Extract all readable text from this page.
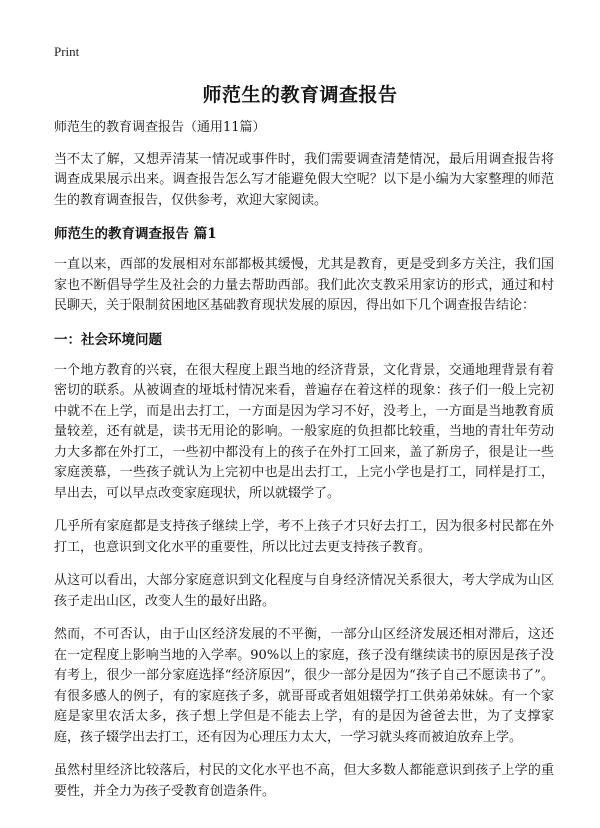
Print
师范生的教育调查报告

师范生的教育调查报告（通用11篇）

当不太了解，又想弄清某一情况或事件时，我们需要调查清楚情况，最后用调查报告将调查成果展示出来。调查报告怎么写才能避免假大空呢？以下是小编为大家整理的师范生的教育调查报告，仅供参考，欢迎大家阅读。

师范生的教育调查报告 篇1

一直以来，西部的发展相对东部都极其缓慢，尤其是教育，更是受到多方关注，我们国家也不断倡导学生及社会的力量去帮助西部。我们此次支教采用家访的形式，通过和村民聊天，关于限制贫困地区基础教育现状发展的原因，得出如下几个调查报告结论：

一：社会环境问题

一个地方教育的兴衰，在很大程度上跟当地的经济背景，文化背景，交通地理背景有着密切的联系。从被调查的垭坻村情况来看，普遍存在着这样的现象：孩子们一般上完初中就不在上学，而是出去打工，一方面是因为学习不好，没考上，一方面是当地教育质量较差，还有就是，读书无用论的影响。一般家庭的负担都比较重，当地的青壮年劳动力大多都在外打工，一些初中都没有上的孩子在外打工回来，盖了新房子，很是让一些家庭羡慕，一些孩子就认为上完初中也是出去打工，上完小学也是打工，同样是打工，早出去，可以早点改变家庭现状，所以就辍学了。

几乎所有家庭都是支持孩子继续上学，考不上孩子才只好去打工，因为很多村民都在外打工，也意识到文化水平的重要性，所以比过去更支持孩子教育。

从这可以看出，大部分家庭意识到文化程度与自身经济情况关系很大，考大学成为山区孩子走出山区，改变人生的最好出路。

然而，不可否认，由于山区经济发展的不平衡，一部分山区经济发展还相对滞后，这还在一定程度上影响当地的入学率。90%以上的家庭，孩子没有继续读书的原因是孩子没有考上，很少一部分家庭选择“经济原因”，很少一部分是因为“孩子自己不愿读书了”。有很多感人的例子，有的家庭孩子多，就哥哥或者姐姐辍学打工供弟弟妹妹。有一个家庭是家里农活太多，孩子想上学但是不能去上学，有的是因为爸爸去世，为了支撑家庭，孩子辍学出去打工，还有因为心理压力太大，一学习就头疼而被迫放弃上学。

虽然村里经济比较落后，村民的文化水平也不高，但大多数人都能意识到孩子上学的重要性，并全力为孩子受教育创造条件。
